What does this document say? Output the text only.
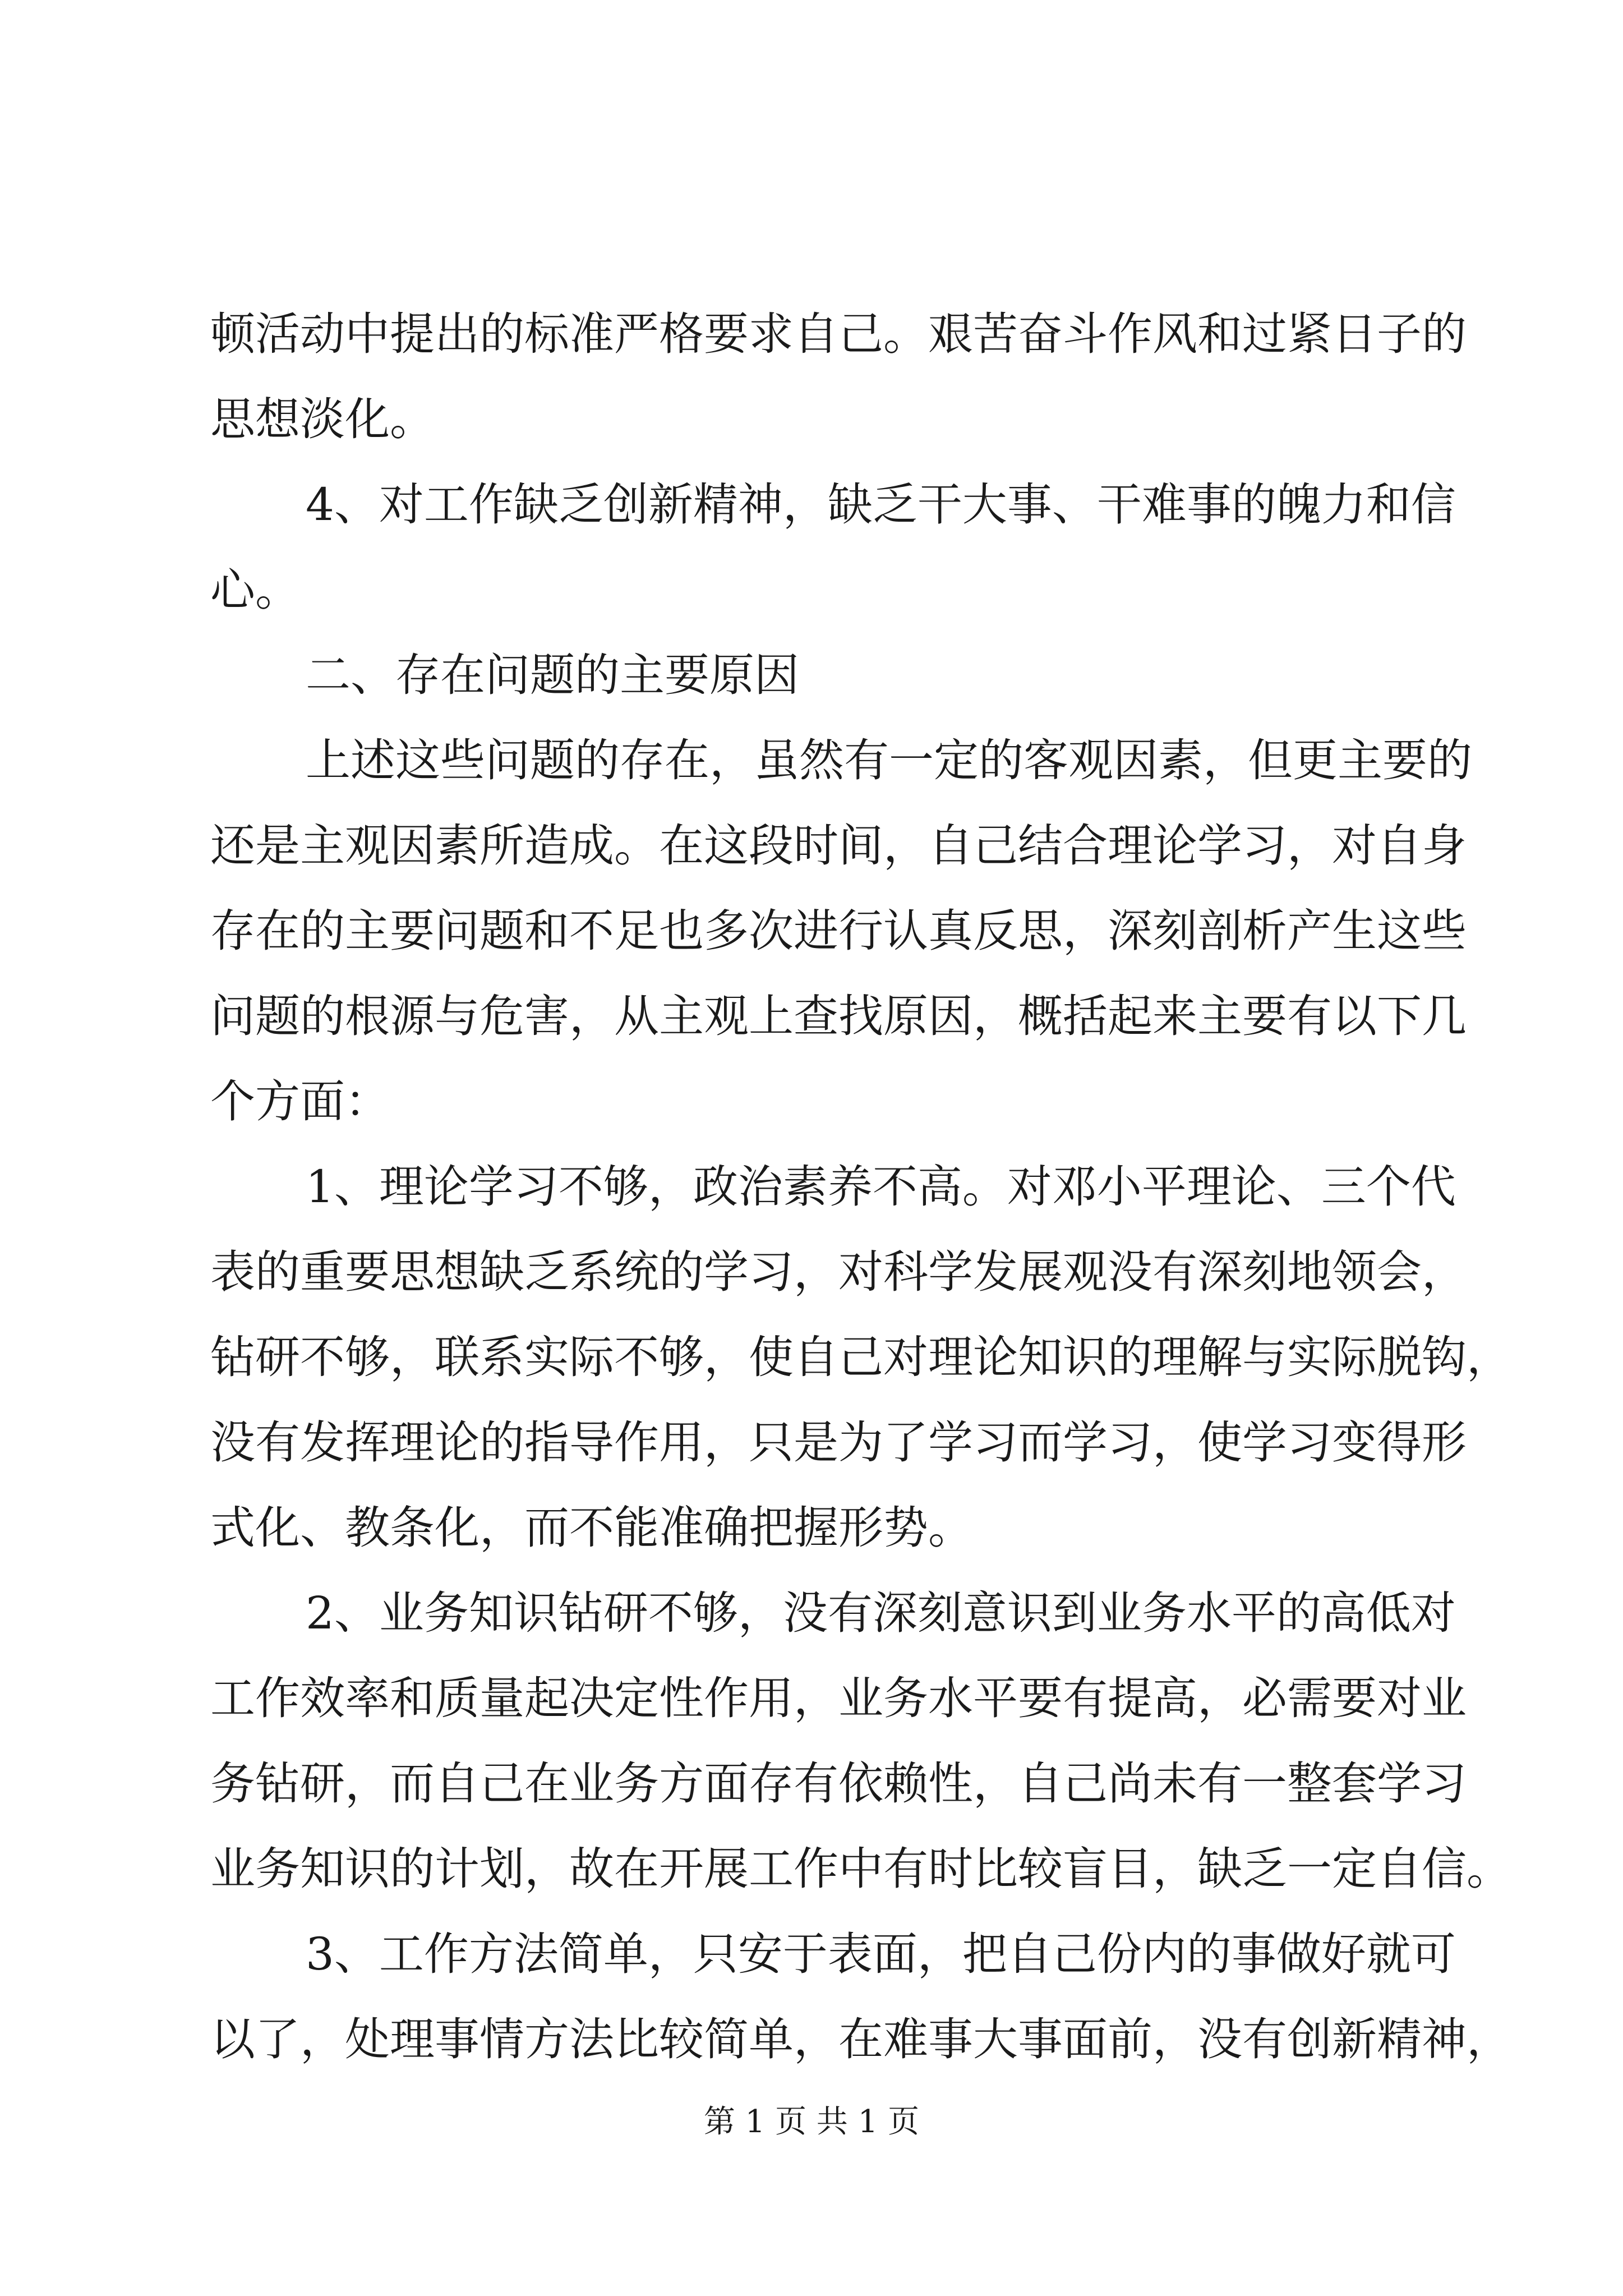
顿活动中提出的标准严格要求自己。艰苦奋斗作风和过紧日子的
思想淡化。
4、对工作缺乏创新精神，缺乏干大事、干难事的魄力和信
心。
二、存在问题的主要原因
上述这些问题的存在，虽然有一定的客观因素，但更主要的
还是主观因素所造成。在这段时间，自己结合理论学习，对自身
存在的主要问题和不足也多次进行认真反思，深刻剖析产生这些
问题的根源与危害，从主观上查找原因，概括起来主要有以下几
个方面：
1、理论学习不够，政治素养不高。对邓小平理论、三个代
表的重要思想缺乏系统的学习，对科学发展观没有深刻地领会，
钻研不够，联系实际不够，使自己对理论知识的理解与实际脱钩，
没有发挥理论的指导作用，只是为了学习而学习，使学习变得形
式化、教条化，而不能准确把握形势。
2、业务知识钻研不够，没有深刻意识到业务水平的高低对
工作效率和质量起决定性作用，业务水平要有提高，必需要对业
务钻研，而自己在业务方面存有依赖性，自己尚未有一整套学习
业务知识的计划，故在开展工作中有时比较盲目，缺乏一定自信。
3、工作方法简单，只安于表面，把自己份内的事做好就可
以了，处理事情方法比较简单，在难事大事面前，没有创新精神，
第 1 页 共 1 页
